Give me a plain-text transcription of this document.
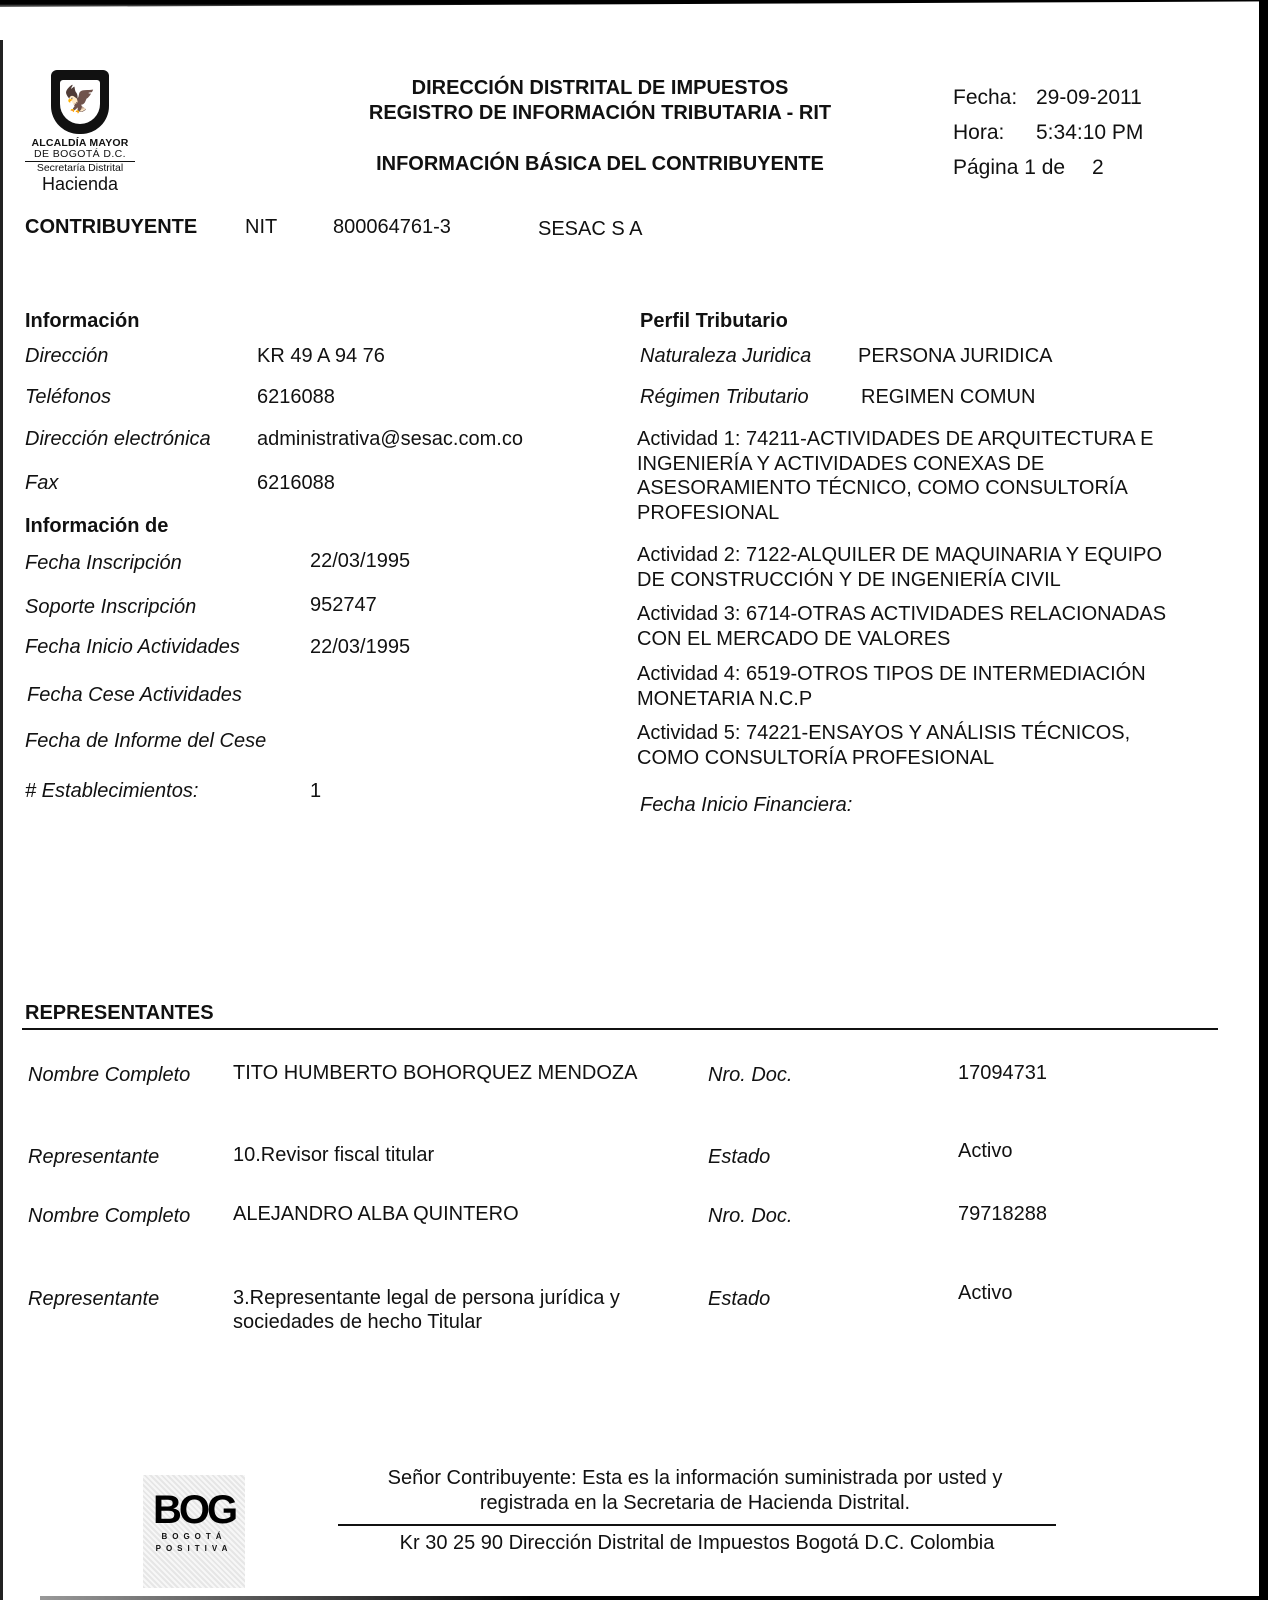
🦅
ALCALDÍA MAYOR
DE BOGOTÁ D.C.
Secretaría Distrital
Hacienda
DIRECCIÓN DISTRITAL DE IMPUESTOS
REGISTRO DE INFORMACIÓN TRIBUTARIA - RIT
INFORMACIÓN BÁSICA DEL CONTRIBUYENTE
Fecha: 29-09-2011
Hora: 5:34:10 PM
Página 1 de 2
CONTRIBUYENTE NIT	800064761-3	SESAC S A
Información
Dirección	KR 49 A 94 76
Teléfonos	6216088
Dirección electrónica administrativa@sesac.com.co
Fax	6216088
Información de
Fecha Inscripción	22/03/1995
Soporte Inscripción	952747
Fecha Inicio Actividades	22/03/1995
Fecha Cese Actividades
Fecha de Informe del Cese
# Establecimientos:	1
Perfil Tributario
Naturaleza Juridica PERSONA JURIDICA
Régimen Tributario	REGIMEN COMUN
Actividad 1: 74211-ACTIVIDADES DE ARQUITECTURA E
INGENIERÍA Y ACTIVIDADES CONEXAS DE
ASESORAMIENTO TÉCNICO, COMO CONSULTORÍA
PROFESIONAL
Actividad 2: 7122-ALQUILER DE MAQUINARIA Y EQUIPO
DE CONSTRUCCIÓN Y DE INGENIERÍA CIVIL
Actividad 3: 6714-OTRAS ACTIVIDADES RELACIONADAS
CON EL MERCADO DE VALORES
Actividad 4: 6519-OTROS TIPOS DE INTERMEDIACIÓN
MONETARIA N.C.P
Actividad 5: 74221-ENSAYOS Y ANÁLISIS TÉCNICOS,
COMO CONSULTORÍA PROFESIONAL
Fecha Inicio Financiera:
REPRESENTANTES
Nombre Completo TITO HUMBERTO BOHORQUEZ MENDOZA	Nro. Doc.	17094731
Representante	10.Revisor fiscal titular	Estado	Activo
Nombre Completo ALEJANDRO ALBA QUINTERO	Nro. Doc.	79718288
Representante	3.Representante legal de persona jurídica y
sociedades de hecho Titular
Estado	Activo
BOG
BOGOTÁ
POSITIVA
Señor Contribuyente: Esta es la información suministrada por usted y
registrada en la Secretaria de Hacienda Distrital.
Kr 30 25 90 Dirección Distrital de Impuestos Bogotá D.C. Colombia
